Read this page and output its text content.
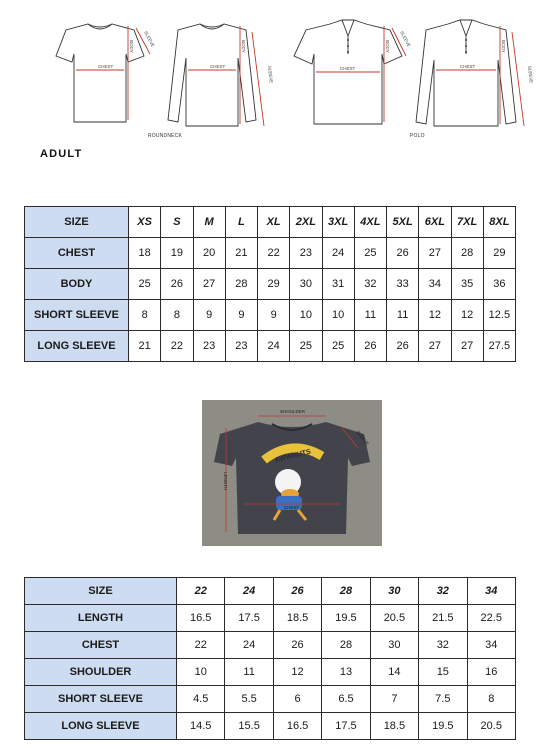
CHEST	CHEST	CHEST	CHEST
BODY	BODY	BODY	BODY
SLEEVE
SLEEVE
SLEEVE
SLEEVE
ROUNDNECK	POLO
ADULT
SIZE	XS	S	M	L	XL	2XL	3XL	4XL	5XL	6XL	7XL	8XL
CHEST	18	19	20	21	22	23	24	25	26	27	28	29
BODY	25	26	27	28	29	30	31	32	33	34	35	36
SHORT SLEEVE	8	8	9	9	9	10	10	11	11	12	12	12.5
LONG SLEEVE	21	22	23	23	24	25	25	26	26	27	27	27.5
AWWNUTS
SHOULDER
SLEEVE
LENGTH
CHEST
SIZE	22	24	26	28	30	32	34
LENGTH	16.5	17.5	18.5	19.5	20.5	21.5	22.5
CHEST	22	24	26	28	30	32	34
SHOULDER	10	11	12	13	14	15	16
SHORT SLEEVE	4.5	5.5	6	6.5	7	7.5	8
LONG SLEEVE	14.5	15.5	16.5	17.5	18.5	19.5	20.5
